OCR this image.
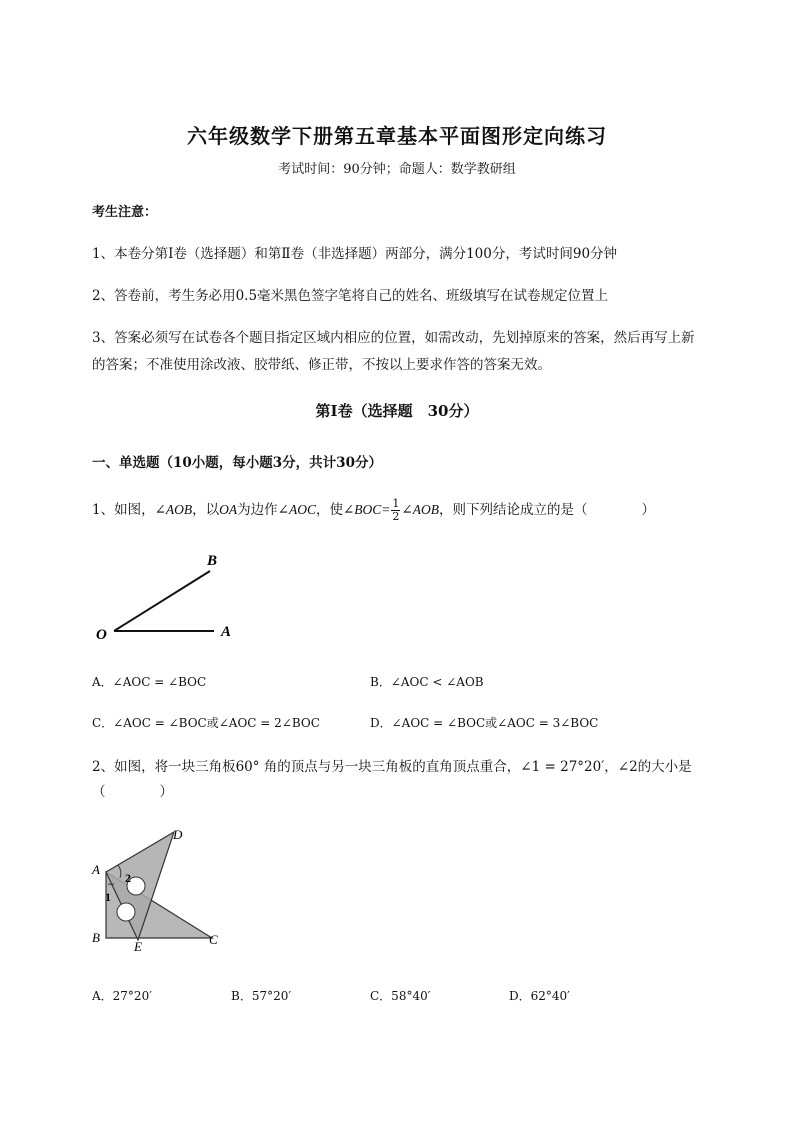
六年级数学下册第五章基本平面图形定向练习
考试时间：90分钟；命题人：数学教研组
考生注意：
1、本卷分第Ⅰ卷（选择题）和第Ⅱ卷（非选择题）两部分，满分100分，考试时间90分钟
2、答卷前，考生务必用0.5毫米黑色签字笔将自己的姓名、班级填写在试卷规定位置上
3、答案必须写在试卷各个题目指定区域内相应的位置，如需改动，先划掉原来的答案，然后再写上新
的答案；不准使用涂改液、胶带纸、修正带，不按以上要求作答的答案无效。
第Ⅰ卷（选择题　30分）
一、单选题（10小题，每小题3分，共计30分）
1、如图，∠AOB，以OA为边作∠AOC，使∠BOC= $\frac{1}{2}$ ∠AOB，则下列结论成立的是（　　　　）
O	A
B
A．∠AOC = ∠BOC	B．∠AOC < ∠AOB
C．∠AOC = ∠BOC或∠AOC = 2∠BOC	D．∠AOC = ∠BOC或∠AOC = 3∠BOC
2、如图，将一块三角板60° 角的顶点与另一块三角板的直角顶点重合，∠1 = 27°20′，∠2的大小是
（　　　　）
A
B	C
D
E
1
2
A．27°20′	B．57°20′	C．58°40′	D．62°40′
